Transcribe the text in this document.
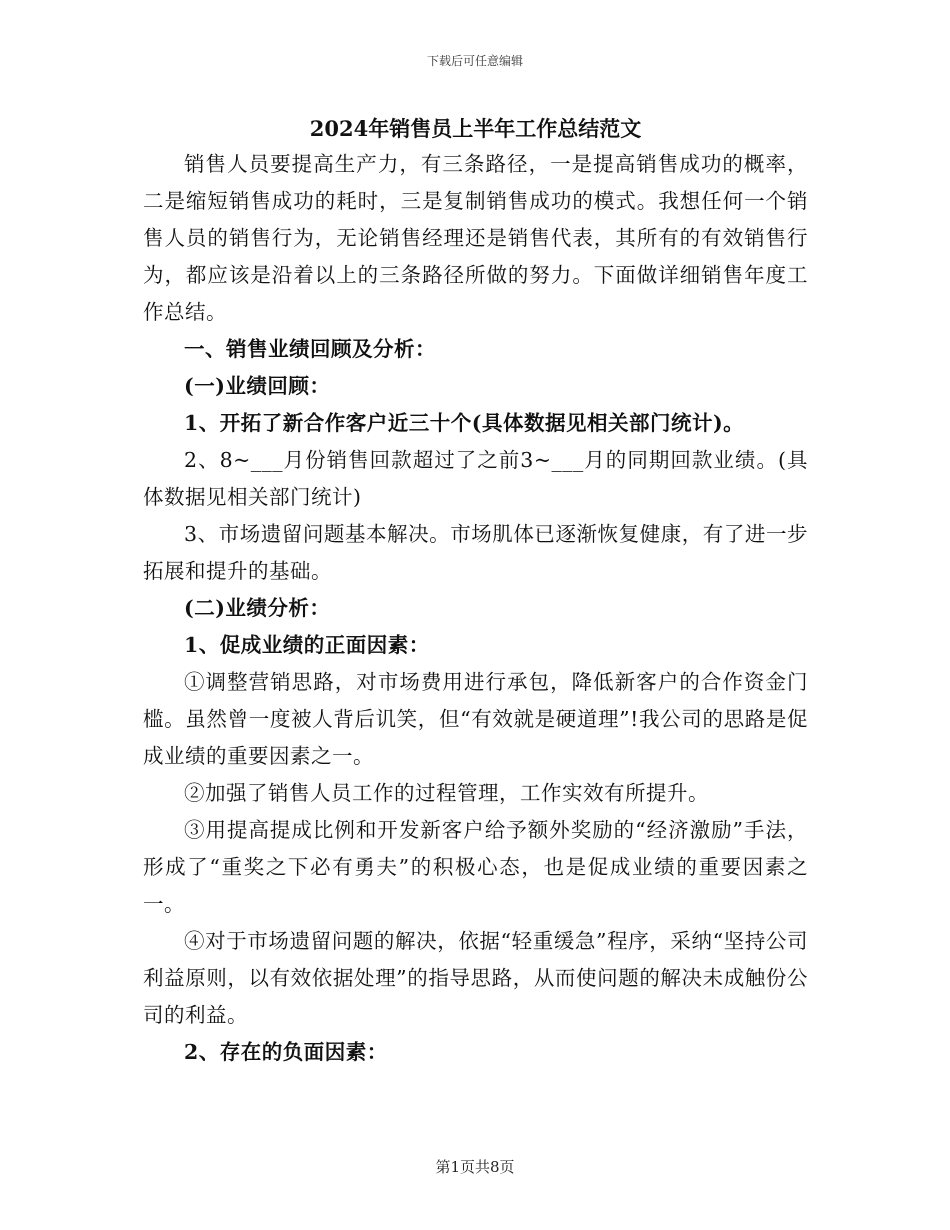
下载后可任意编辑
2024年销售员上半年工作总结范文

销售人员要提高生产力，有三条路径，一是提高销售成功的概率，二是缩短销售成功的耗时，三是复制销售成功的模式。我想任何一个销售人员的销售行为，无论销售经理还是销售代表，其所有的有效销售行为，都应该是沿着以上的三条路径所做的努力。下面做详细销售年度工作总结。

一、销售业绩回顾及分析：

(一)业绩回顾：

1、开拓了新合作客户近三十个(具体数据见相关部门统计)。

2、8~___月份销售回款超过了之前3~___月的同期回款业绩。(具体数据见相关部门统计)

3、市场遗留问题基本解决。市场肌体已逐渐恢复健康，有了进一步拓展和提升的基础。

(二)业绩分析：

1、促成业绩的正面因素：

①调整营销思路，对市场费用进行承包，降低新客户的合作资金门槛。虽然曾一度被人背后讥笑，但“有效就是硬道理”!我公司的思路是促成业绩的重要因素之一。

②加强了销售人员工作的过程管理，工作实效有所提升。

③用提高提成比例和开发新客户给予额外奖励的“经济激励”手法，形成了“重奖之下必有勇夫”的积极心态，也是促成业绩的重要因素之一。

④对于市场遗留问题的解决，依据“轻重缓急”程序，采纳“坚持公司利益原则，以有效依据处理”的指导思路，从而使问题的解决未成触份公司的利益。

2、存在的负面因素：

第1页共8页
